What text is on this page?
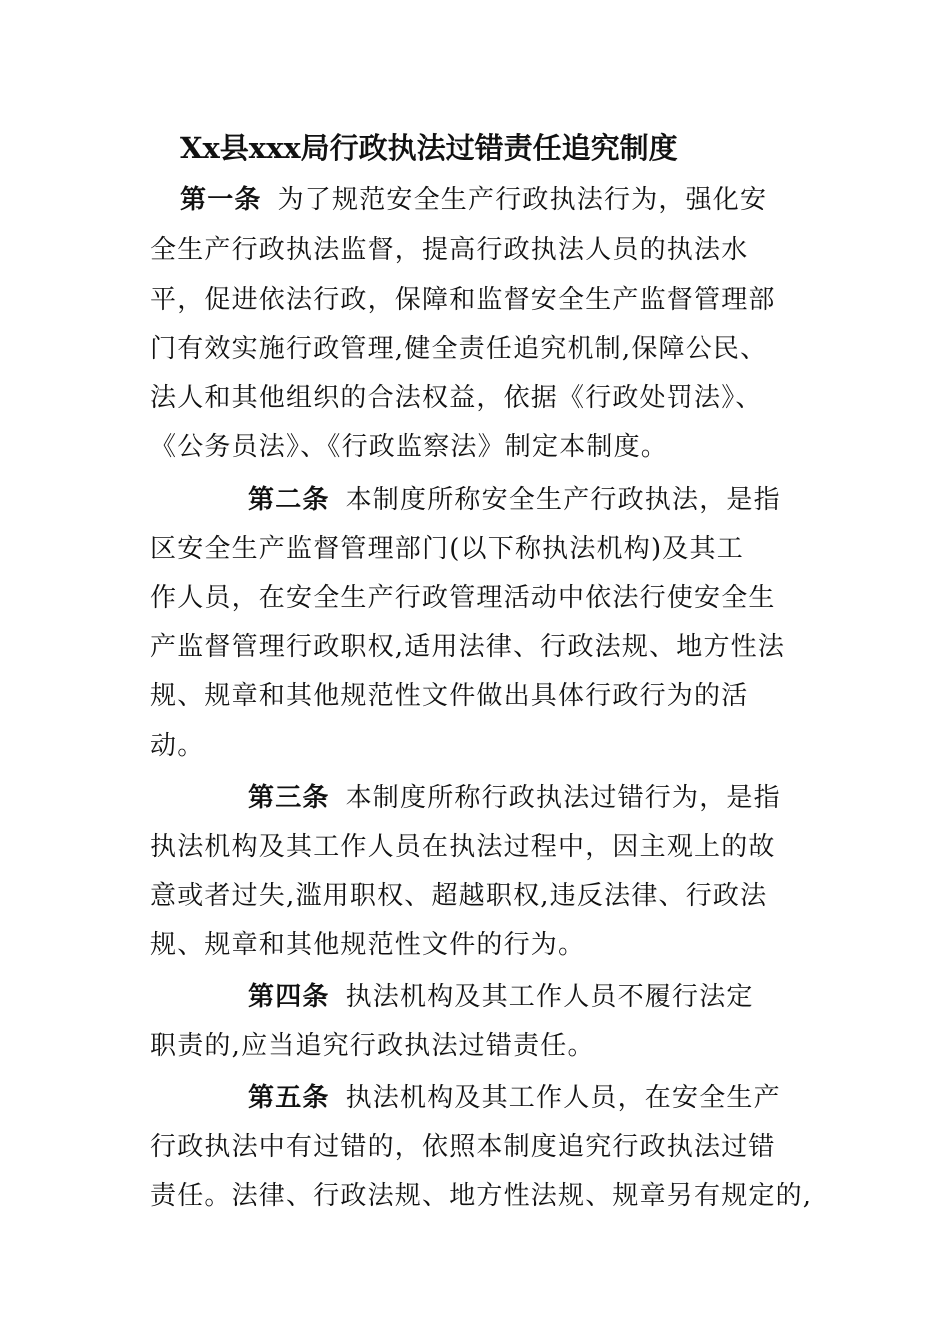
Xx县xxx局行政执法过错责任追究制度
第一条 为了规范安全生产行政执法行为，强化安
全生产行政执法监督，提高行政执法人员的执法水
平，促进依法行政，保障和监督安全生产监督管理部
门有效实施行政管理,健全责任追究机制,保障公民、
法人和其他组织的合法权益，依据《行政处罚法》、
《公务员法》、《行政监察法》制定本制度。
第二条 本制度所称安全生产行政执法，是指
区安全生产监督管理部门(以下称执法机构)及其工
作人员，在安全生产行政管理活动中依法行使安全生
产监督管理行政职权,适用法律、行政法规、地方性法
规、规章和其他规范性文件做出具体行政行为的活
动。
第三条 本制度所称行政执法过错行为，是指
执法机构及其工作人员在执法过程中，因主观上的故
意或者过失,滥用职权、超越职权,违反法律、行政法
规、规章和其他规范性文件的行为。
第四条 执法机构及其工作人员不履行法定
职责的,应当追究行政执法过错责任。
第五条 执法机构及其工作人员，在安全生产
行政执法中有过错的，依照本制度追究行政执法过错
责任。法律、行政法规、地方性法规、规章另有规定的,
